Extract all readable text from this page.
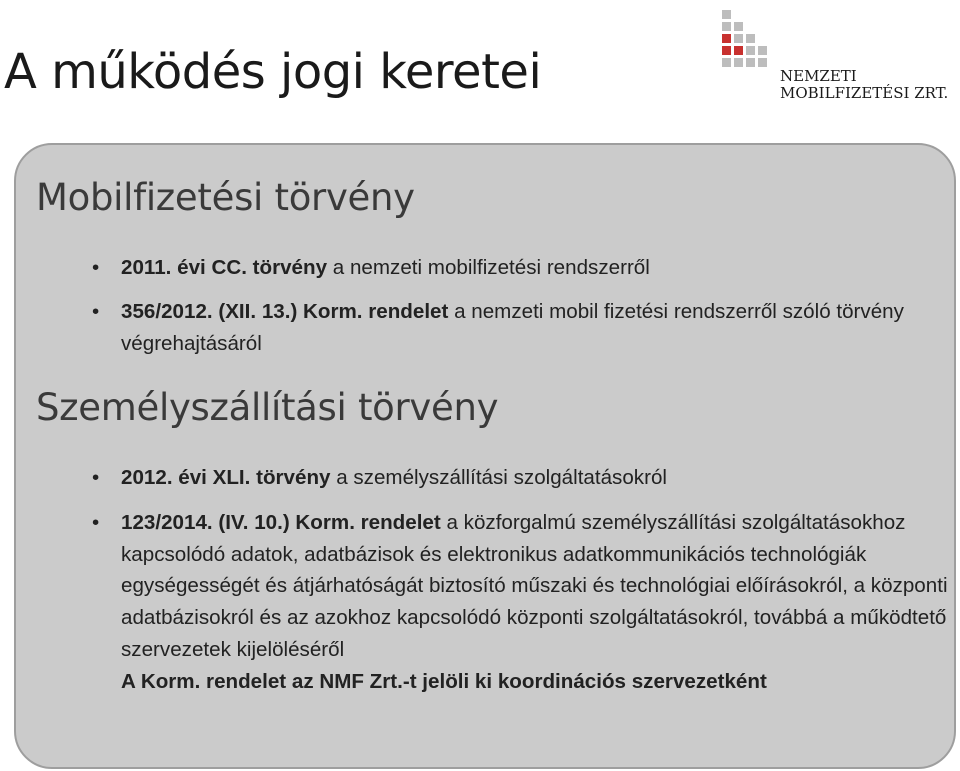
A működés jogi keretei	NEMZETI
MOBILFIZETÉSI ZRT.
Mobilfizetési törvény
• 2011. évi CC. törvény a nemzeti mobilfizetési rendszerről
• 356/2012. (XII. 13.) Korm. rendelet a nemzeti mobil fizetési rendszerről szóló törvény végrehajtásáról
Személyszállítási törvény
• 2012. évi XLI. törvény a személyszállítási szolgáltatásokról
• 123/2014. (IV. 10.) Korm. rendelet a közforgalmú személyszállítási szolgáltatásokhoz kapcsolódó adatok, adatbázisok és elektronikus adatkommunikációs technológiák egységességét és átjárhatóságát biztosító műszaki és technológiai előírásokról, a központi adatbázisokról és az azokhoz kapcsolódó központi szolgáltatásokról, továbbá a működtető szervezetek kijelöléséről
A Korm. rendelet az NMF Zrt.-t jelöli ki koordinációs szervezetként
